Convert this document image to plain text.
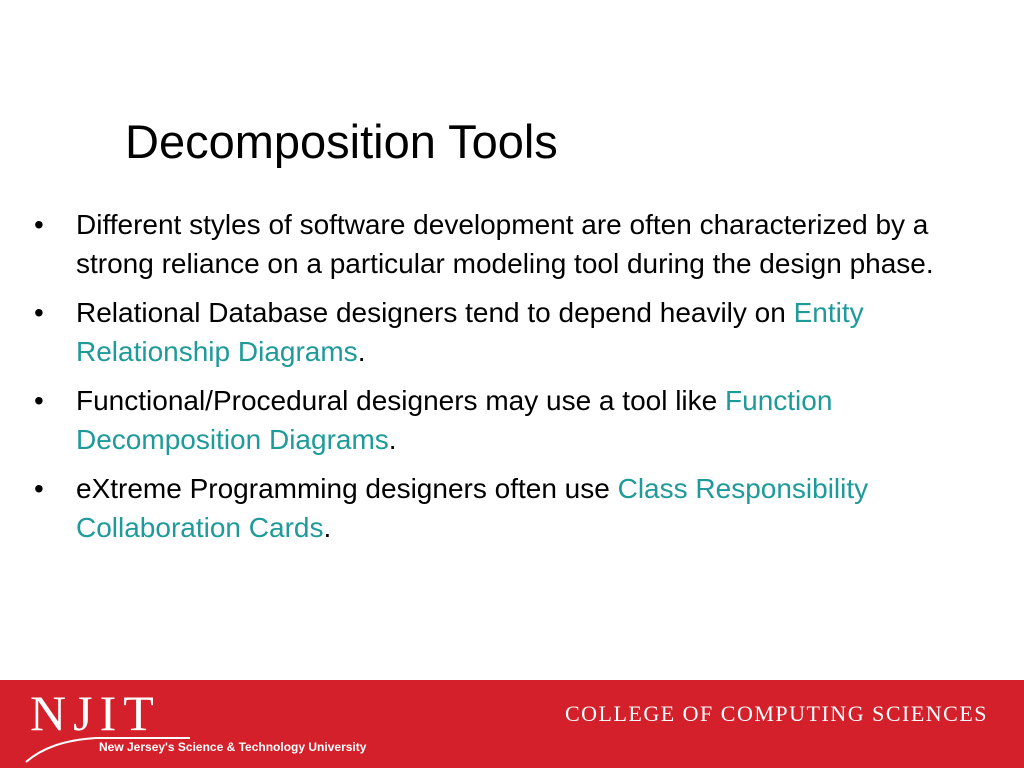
Decomposition Tools
• Different styles of software development are often characterized by a strong reliance on a particular modeling tool during the design phase.
• Relational Database designers tend to depend heavily on Entity Relationship Diagrams.
• Functional/Procedural designers may use a tool like Function Decomposition Diagrams.
• eXtreme Programming designers often use Class Responsibility Collaboration Cards.
NJIT
New Jersey's Science & Technology University
COLLEGE OF COMPUTING SCIENCES
